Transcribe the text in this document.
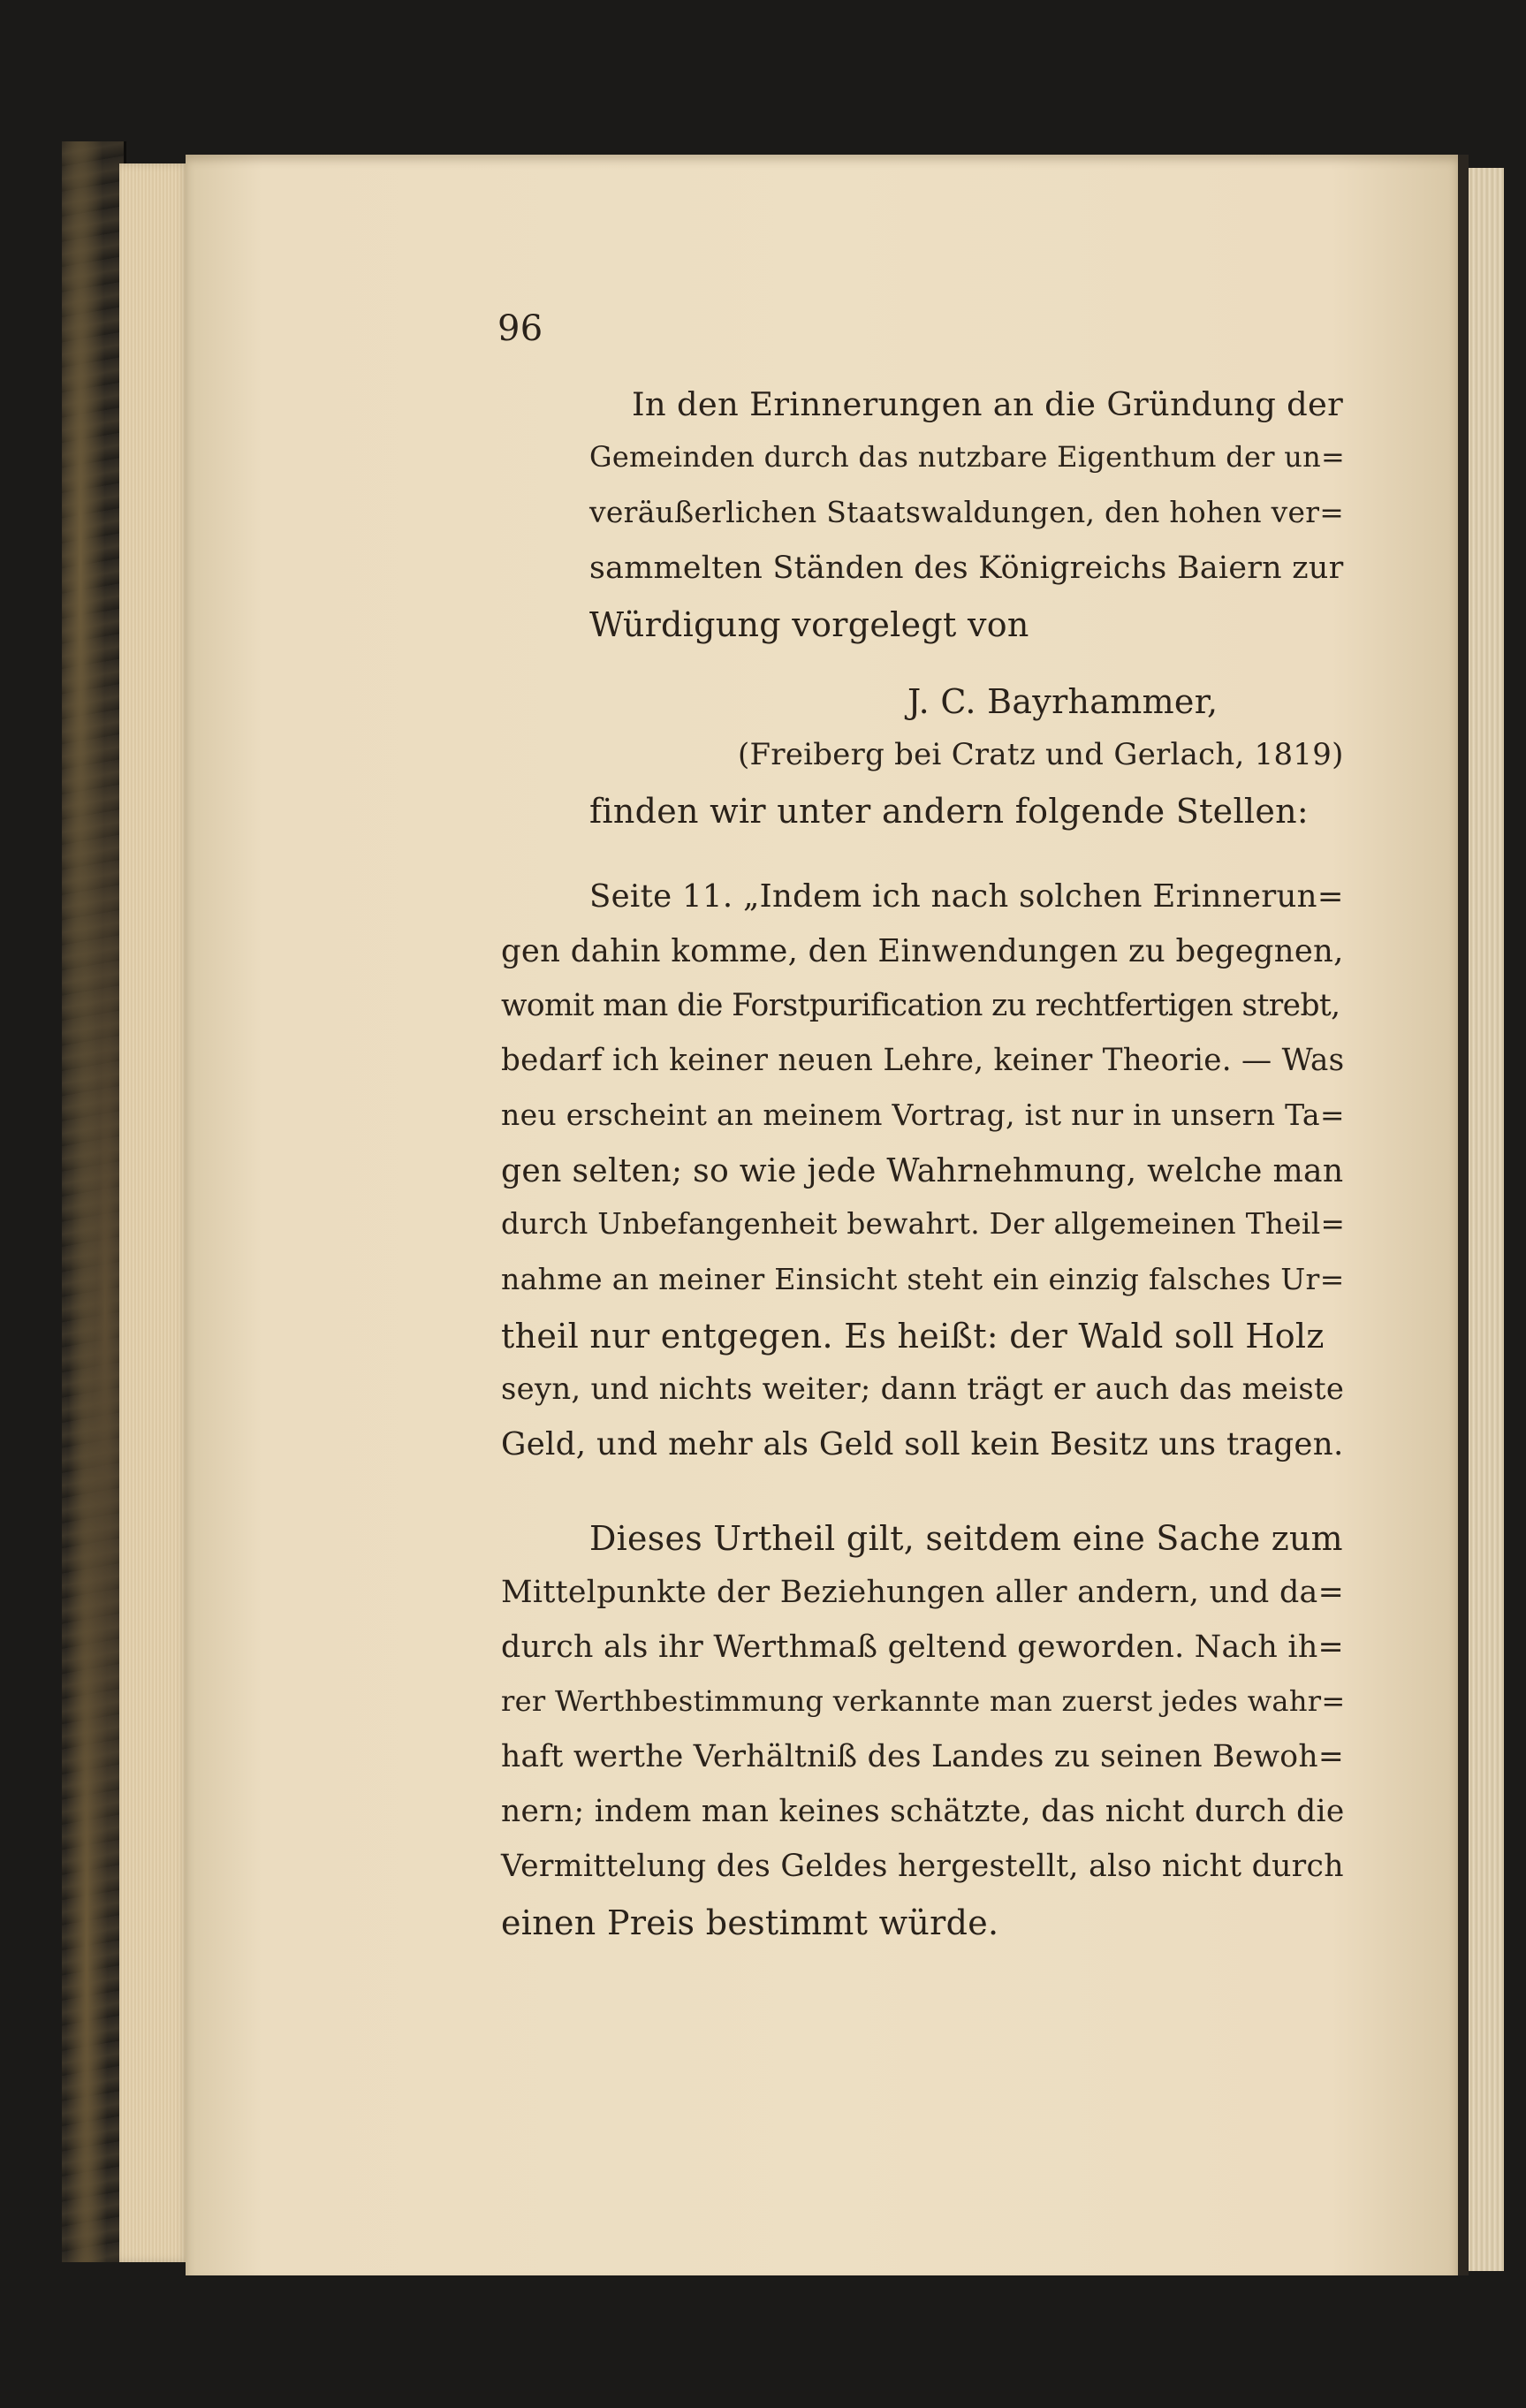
96

In den Erinnerungen an die Gründung der

Gemeinden durch das nutzbare Eigenthum der un=

veräußerlichen Staatswaldungen, den hohen ver=

sammelten Ständen des Königreichs Baiern zur

Würdigung vorgelegt von

J. C. Bayrhammer,

(Freiberg bei Cratz und Gerlach, 1819)

finden wir unter andern folgende Stellen:

Seite 11. „Indem ich nach solchen Erinnerun=

gen dahin komme, den Einwendungen zu begegnen,

womit man die Forstpurification zu rechtfertigen strebt,

bedarf ich keiner neuen Lehre, keiner Theorie. — Was

neu erscheint an meinem Vortrag, ist nur in unsern Ta=

gen selten; so wie jede Wahrnehmung, welche man

durch Unbefangenheit bewahrt. Der allgemeinen Theil=

nahme an meiner Einsicht steht ein einzig falsches Ur=

theil nur entgegen. Es heißt: der Wald soll Holz

seyn, und nichts weiter; dann trägt er auch das meiste

Geld, und mehr als Geld soll kein Besitz uns tragen.

Dieses Urtheil gilt, seitdem eine Sache zum

Mittelpunkte der Beziehungen aller andern, und da=

durch als ihr Werthmaß geltend geworden. Nach ih=

rer Werthbestimmung verkannte man zuerst jedes wahr=

haft werthe Verhältniß des Landes zu seinen Bewoh=

nern; indem man keines schätzte, das nicht durch die

Vermittelung des Geldes hergestellt, also nicht durch

einen Preis bestimmt würde.
